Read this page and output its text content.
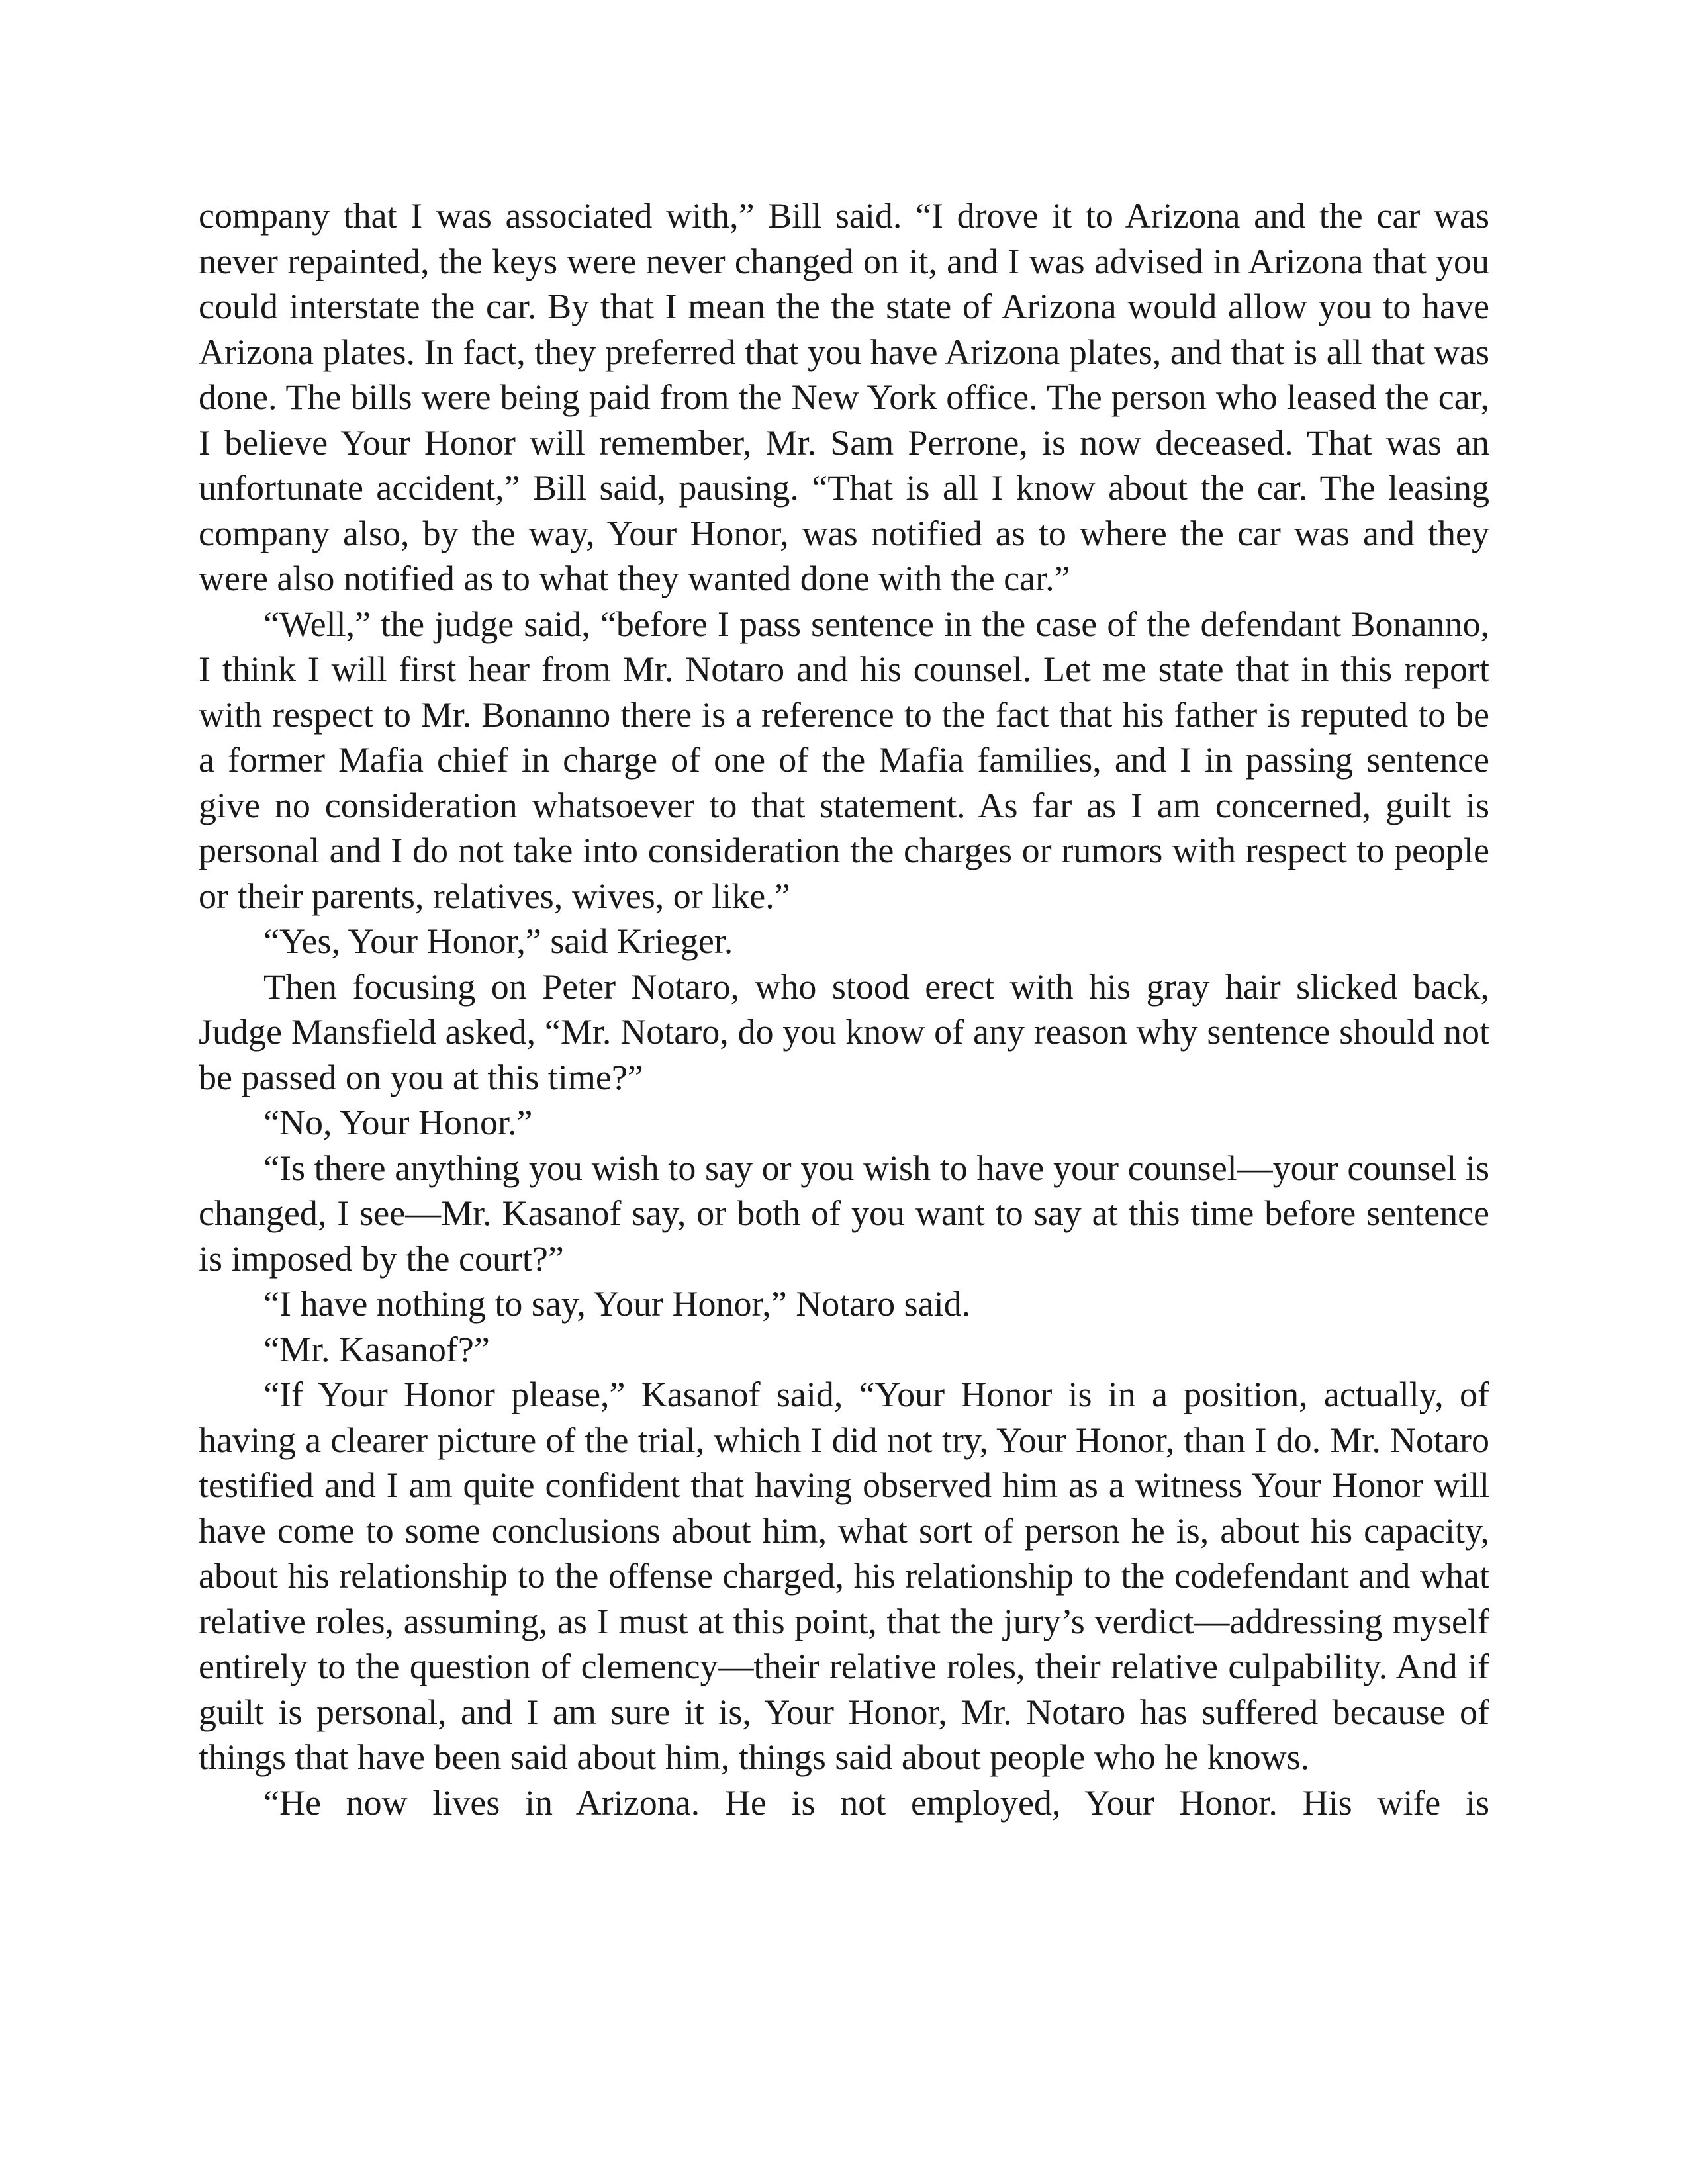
company that I was associated with,” Bill said. “I drove it to Arizona and the car was never repainted, the keys were never changed on it, and I was advised in Arizona that you could interstate the car. By that I mean the the state of Arizona would allow you to have Arizona plates. In fact, they preferred that you have Arizona plates, and that is all that was done. The bills were being paid from the New York office. The person who leased the car, I believe Your Honor will remember, Mr. Sam Perrone, is now deceased. That was an unfortunate accident,” Bill said, pausing. “That is all I know about the car. The leasing company also, by the way, Your Honor, was notified as to where the car was and they were also notified as to what they wanted done with the car.”

“Well,” the judge said, “before I pass sentence in the case of the defendant Bonanno, I think I will first hear from Mr. Notaro and his counsel. Let me state that in this report with respect to Mr. Bonanno there is a reference to the fact that his father is reputed to be a former Mafia chief in charge of one of the Mafia families, and I in passing sentence give no consideration whatsoever to that statement. As far as I am concerned, guilt is personal and I do not take into consideration the charges or rumors with respect to people or their parents, relatives, wives, or like.”

“Yes, Your Honor,” said Krieger.

Then focusing on Peter Notaro, who stood erect with his gray hair slicked back, Judge Mansfield asked, “Mr. Notaro, do you know of any reason why sentence should not be passed on you at this time?”

“No, Your Honor.”

“Is there anything you wish to say or you wish to have your counsel—your counsel is changed, I see—Mr. Kasanof say, or both of you want to say at this time before sentence is imposed by the court?”

“I have nothing to say, Your Honor,” Notaro said.

“Mr. Kasanof?”

“If Your Honor please,” Kasanof said, “Your Honor is in a position, actually, of having a clearer picture of the trial, which I did not try, Your Honor, than I do. Mr. Notaro testified and I am quite confident that having observed him as a witness Your Honor will have come to some conclusions about him, what sort of person he is, about his capacity, about his relationship to the offense charged, his relationship to the codefendant and what relative roles, assuming, as I must at this point, that the jury’s verdict—addressing myself entirely to the question of clemency—their relative roles, their relative culpability. And if guilt is personal, and I am sure it is, Your Honor, Mr. Notaro has suffered because of things that have been said about him, things said about people who he knows.

“He now lives in Arizona. He is not employed, Your Honor. His wife is
